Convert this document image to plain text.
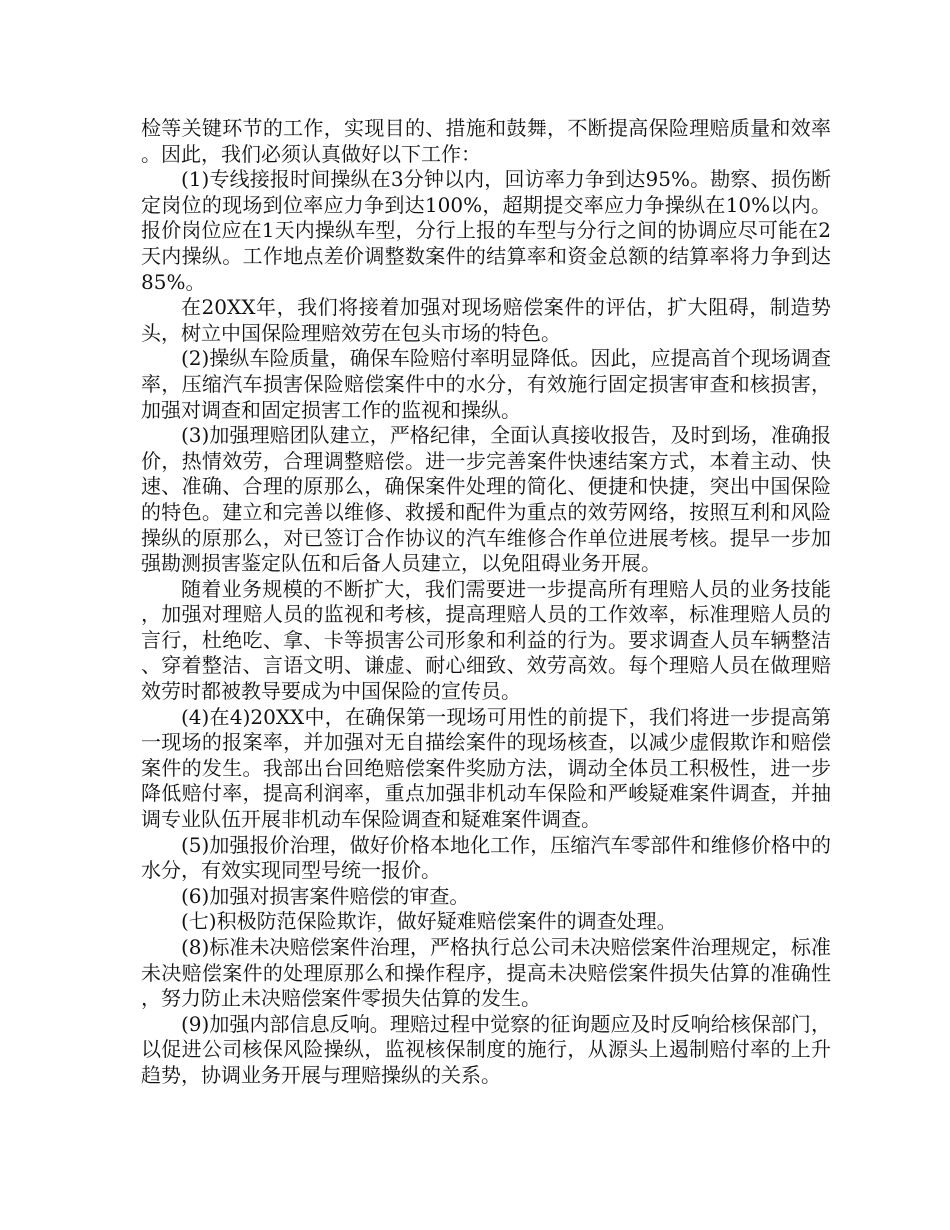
检等关键环节的工作，实现目的、措施和鼓舞，不断提高保险理赔质量和效率。因此，我们必须认真做好以下工作：

(1)专线接报时间操纵在3分钟以内，回访率力争到达95%。勘察、损伤断定岗位的现场到位率应力争到达100%，超期提交率应力争操纵在10%以内。报价岗位应在1天内操纵车型，分行上报的车型与分行之间的协调应尽可能在2天内操纵。工作地点差价调整数案件的结算率和资金总额的结算率将力争到达85%。

在20XX年，我们将接着加强对现场赔偿案件的评估，扩大阻碍，制造势头，树立中国保险理赔效劳在包头市场的特色。

(2)操纵车险质量，确保车险赔付率明显降低。因此，应提高首个现场调查率，压缩汽车损害保险赔偿案件中的水分，有效施行固定损害审查和核损害，加强对调查和固定损害工作的监视和操纵。

(3)加强理赔团队建立，严格纪律，全面认真接收报告，及时到场，准确报价，热情效劳，合理调整赔偿。进一步完善案件快速结案方式，本着主动、快速、准确、合理的原那么，确保案件处理的简化、便捷和快捷，突出中国保险的特色。建立和完善以维修、救援和配件为重点的效劳网络，按照互利和风险操纵的原那么，对已签订合作协议的汽车维修合作单位进展考核。提早一步加强勘测损害鉴定队伍和后备人员建立，以免阻碍业务开展。

随着业务规模的不断扩大，我们需要进一步提高所有理赔人员的业务技能，加强对理赔人员的监视和考核，提高理赔人员的工作效率，标准理赔人员的言行，杜绝吃、拿、卡等损害公司形象和利益的行为。要求调查人员车辆整洁、穿着整洁、言语文明、谦虚、耐心细致、效劳高效。每个理赔人员在做理赔效劳时都被教导要成为中国保险的宣传员。

(4)在4)20XX中，在确保第一现场可用性的前提下，我们将进一步提高第一现场的报案率，并加强对无自描绘案件的现场核查，以减少虚假欺诈和赔偿案件的发生。我部出台回绝赔偿案件奖励方法，调动全体员工积极性，进一步降低赔付率，提高利润率，重点加强非机动车保险和严峻疑难案件调查，并抽调专业队伍开展非机动车保险调查和疑难案件调查。

(5)加强报价治理，做好价格本地化工作，压缩汽车零部件和维修价格中的水分，有效实现同型号统一报价。

(6)加强对损害案件赔偿的审查。

(七)积极防范保险欺诈，做好疑难赔偿案件的调查处理。

(8)标准未决赔偿案件治理，严格执行总公司未决赔偿案件治理规定，标准未决赔偿案件的处理原那么和操作程序，提高未决赔偿案件损失估算的准确性，努力防止未决赔偿案件零损失估算的发生。

(9)加强内部信息反响。理赔过程中觉察的征询题应及时反响给核保部门，以促进公司核保风险操纵，监视核保制度的施行，从源头上遏制赔付率的上升趋势，协调业务开展与理赔操纵的关系。
